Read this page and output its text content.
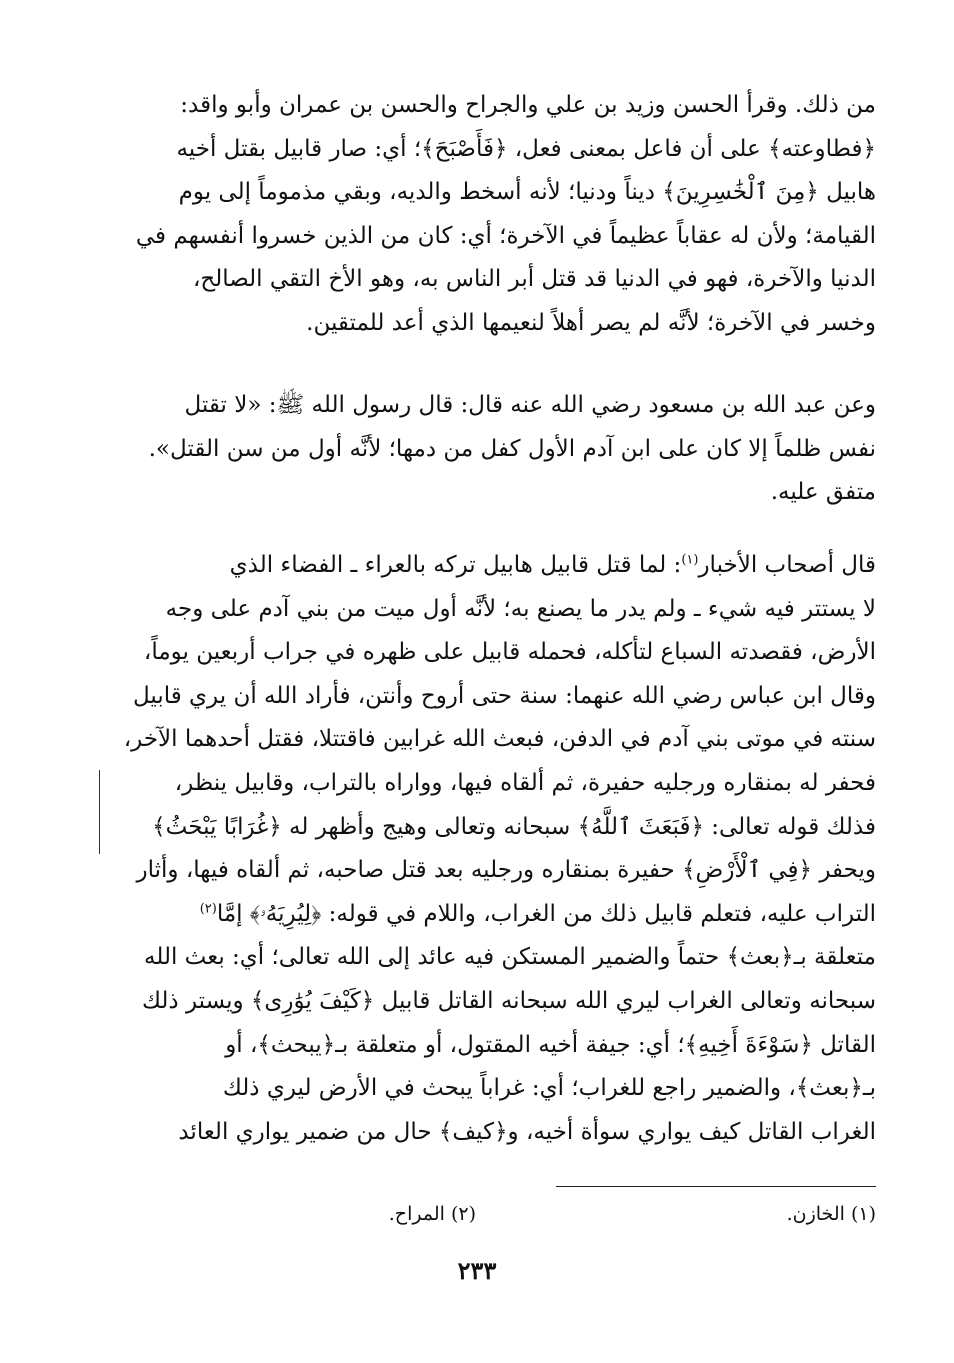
من ذلك. وقرأ الحسن وزيد بن علي والجراح والحسن بن عمران وأبو واقد:
﴿فطاوعته﴾ على أن فاعل بمعنى فعل، ﴿فَأَصْبَحَ﴾؛ أي: صار قابيل بقتل أخيه
هابيل ﴿مِنَ ٱلْخَٰسِرِينَ﴾ ديناً ودنيا؛ لأنه أسخط والديه، وبقي مذموماً إلى يوم
القيامة؛ ولأن له عقاباً عظيماً في الآخرة؛ أي: كان من الذين خسروا أنفسهم في
الدنيا والآخرة، فهو في الدنيا قد قتل أبر الناس به، وهو الأخ التقي الصالح،
وخسر في الآخرة؛ لأنَّه لم يصر أهلاً لنعيمها الذي أعد للمتقين.
وعن عبد الله بن مسعود رضي الله عنه قال: قال رسول الله ﷺ: «لا تقتل
نفس ظلماً إلا كان على ابن آدم الأول كفل من دمها؛ لأنَّه أول من سن القتل».
متفق عليه.
قال أصحاب الأخبار$^{(١)}$: لما قتل قابيل هابيل تركه بالعراء ـ الفضاء الذي
لا يستتر فيه شيء ـ ولم يدر ما يصنع به؛ لأنَّه أول ميت من بني آدم على وجه
الأرض، فقصدته السباع لتأكله، فحمله قابيل على ظهره في جراب أربعين يوماً،
وقال ابن عباس رضي الله عنهما: سنة حتى أروح وأنتن، فأراد الله أن يري قابيل
سنته في موتى بني آدم في الدفن، فبعث الله غرابين فاقتتلا، فقتل أحدهما الآخر،
فحفر له بمنقاره ورجليه حفيرة، ثم ألقاه فيها، وواراه بالتراب، وقابيل ينظر،
فذلك قوله تعالى: ﴿فَبَعَثَ ٱللَّهُ﴾ سبحانه وتعالى وهيج وأظهر له ﴿غُرَابًا يَبْحَثُ﴾
ويحفر ﴿فِي ٱلْأَرْضِ﴾ حفيرة بمنقاره ورجليه بعد قتل صاحبه، ثم ألقاه فيها، وأثار
التراب عليه، فتعلم قابيل ذلك من الغراب، واللام في قوله: ﴿لِيُرِيَهُۥ﴾ إمَّا$^{(٢)}$
متعلقة بـ﴿بعث﴾ حتماً والضمير المستكن فيه عائد إلى الله تعالى؛ أي: بعث الله
سبحانه وتعالى الغراب ليري الله سبحانه القاتل قابيل ﴿كَيْفَ يُوَٰرِى﴾ ويستر ذلك
القاتل ﴿سَوْءَةَ أَخِيهِ﴾؛ أي: جيفة أخيه المقتول، أو متعلقة بـ﴿يبحث﴾، أو
بـ﴿بعث﴾، والضمير راجع للغراب؛ أي: غراباً يبحث في الأرض ليري ذلك
الغراب القاتل كيف يواري سوأة أخيه، و﴿كيف﴾ حال من ضمير يواري العائد
(١) الخازن.
(٢) المراح.
٢٣٣
